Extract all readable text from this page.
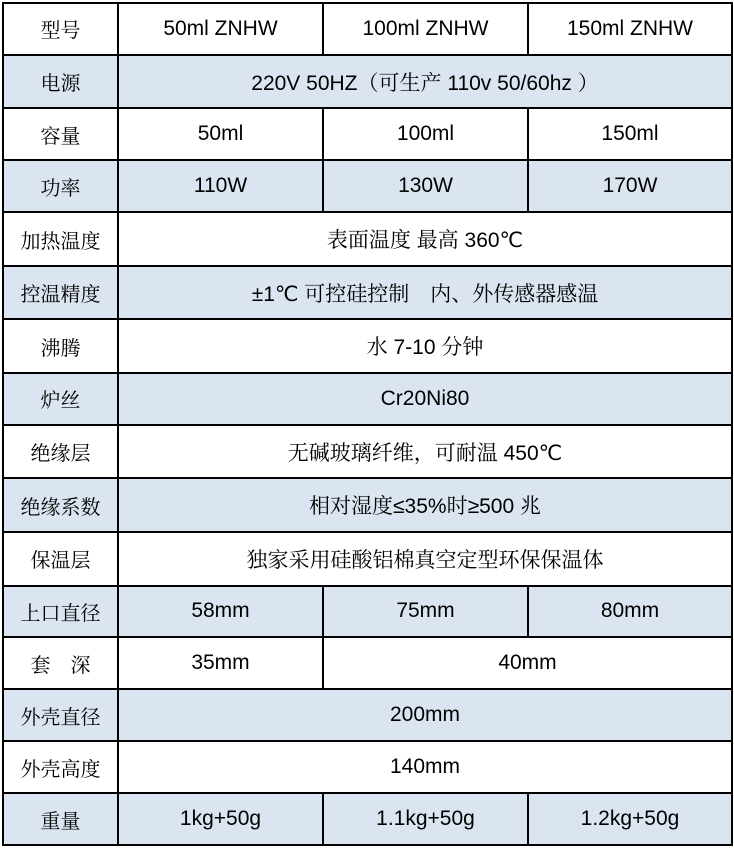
型号	50ml ZNHW	100ml ZNHW	150ml ZNHW
电源	220V 50HZ（可生产 110v 50/60hz ）		
容量	50ml	100ml	150ml
功率	110W	130W	170W
加热温度	表面温度 最高 360℃		
控温精度	±1℃ 可控硅控制　内、外传感器感温		
沸腾	水 7-10 分钟		
炉丝	Cr20Ni80		
绝缘层	无碱玻璃纤维，可耐温 450℃		
绝缘系数	相对湿度≤35%时≥500 兆		
保温层	独家采用硅酸铝棉真空定型环保保温体		
上口直径	58mm	75mm	80mm
套　深	35mm	40mm	
外壳直径	200mm		
外壳高度	140mm		
重量	1kg+50g	1.1kg+50g	1.2kg+50g
